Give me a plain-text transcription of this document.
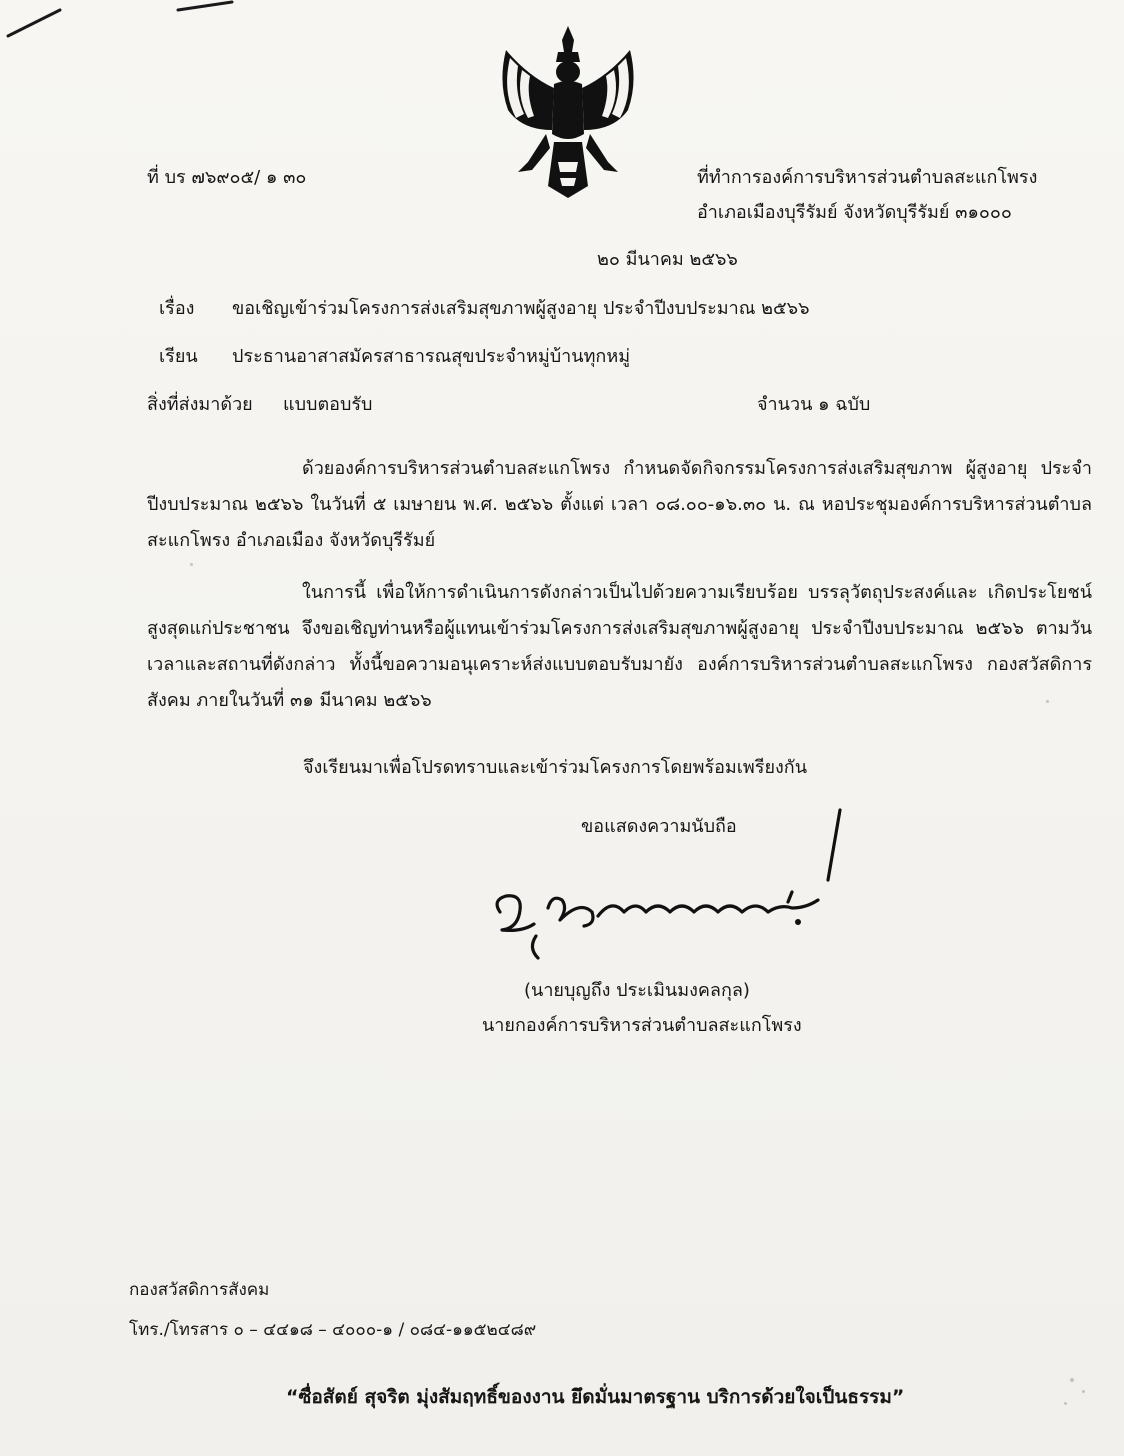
ที่ บร ๗๖๙๐๕/ ๑ ๓๐	ที่ทำการองค์การบริหารส่วนตำบลสะแกโพรง
อำเภอเมืองบุรีรัมย์ จังหวัดบุรีรัมย์ ๓๑๐๐๐
๒๐ มีนาคม ๒๕๖๖
เรื่อง ขอเชิญเข้าร่วมโครงการส่งเสริมสุขภาพผู้สูงอายุ ประจำปีงบประมาณ ๒๕๖๖
เรียน ประธานอาสาสมัครสาธารณสุขประจำหมู่บ้านทุกหมู่
สิ่งที่ส่งมาด้วย แบบตอบรับ	จำนวน ๑ ฉบับ
ด้วยองค์การบริหารส่วนตำบลสะแกโพรง กำหนดจัดกิจกรรมโครงการส่งเสริมสุขภาพ ผู้สูงอายุ ประจำปีงบประมาณ ๒๕๖๖ ในวันที่ ๕ เมษายน พ.ศ. ๒๕๖๖ ตั้งแต่ เวลา ๐๘.๐๐-๑๖.๓๐ น. ณ หอประชุมองค์การบริหารส่วนตำบลสะแกโพรง อำเภอเมือง จังหวัดบุรีรัมย์
ในการนี้ เพื่อให้การดำเนินการดังกล่าวเป็นไปด้วยความเรียบร้อย บรรลุวัตถุประสงค์และ เกิดประโยชน์สูงสุดแก่ประชาชน จึงขอเชิญท่านหรือผู้แทนเข้าร่วมโครงการส่งเสริมสุขภาพผู้สูงอายุ ประจำปีงบประมาณ ๒๕๖๖ ตามวัน เวลาและสถานที่ดังกล่าว ทั้งนี้ขอความอนุเคราะห์ส่งแบบตอบรับมายัง องค์การบริหารส่วนตำบลสะแกโพรง กองสวัสดิการสังคม ภายในวันที่ ๓๑ มีนาคม ๒๕๖๖
จึงเรียนมาเพื่อโปรดทราบและเข้าร่วมโครงการโดยพร้อมเพรียงกัน
ขอแสดงความนับถือ
(นายบุญถึง ประเมินมงคลกุล)
นายกองค์การบริหารส่วนตำบลสะแกโพรง
กองสวัสดิการสังคม
โทร./โทรสาร ๐ – ๔๔๑๘ – ๔๐๐๐-๑ / ๐๘๔-๑๑๕๒๔๘๙
“ซื่อสัตย์ สุจริต มุ่งสัมฤทธิ์ของงาน ยึดมั่นมาตรฐาน บริการด้วยใจเป็นธรรม”
